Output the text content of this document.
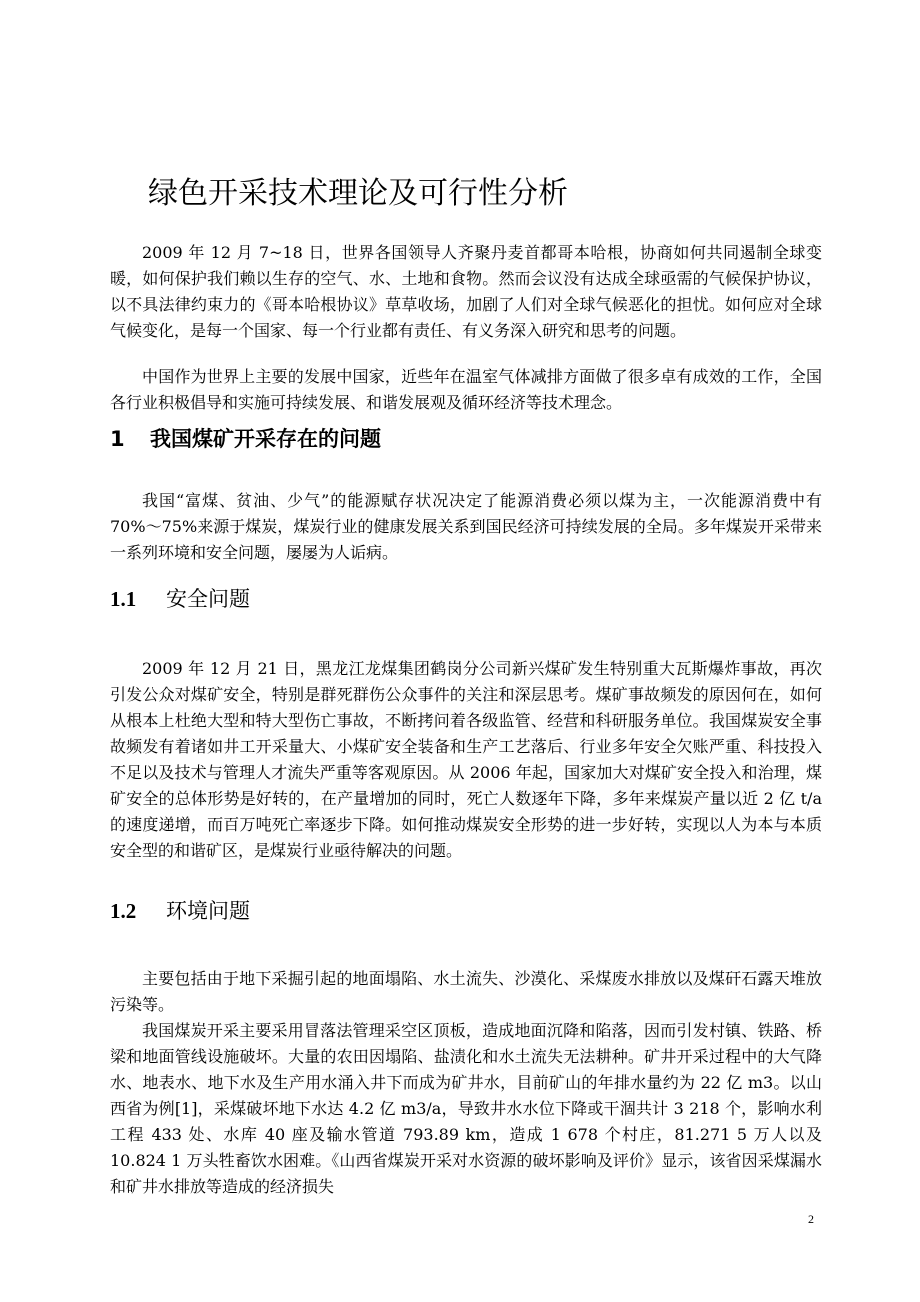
绿色开采技术理论及可行性分析

2009 年 12 月 7~18 日，世界各国领导人齐聚丹麦首都哥本哈根，协商如何共同遏制全球变暖，如何保护我们赖以生存的空气、水、土地和食物。然而会议没有达成全球亟需的气候保护协议，以不具法律约束力的《哥本哈根协议》草草收场，加剧了人们对全球气候恶化的担忧。如何应对全球气候变化，是每一个国家、每一个行业都有责任、有义务深入研究和思考的问题。

中国作为世界上主要的发展中国家，近些年在温室气体减排方面做了很多卓有成效的工作，全国各行业积极倡导和实施可持续发展、和谐发展观及循环经济等技术理念。

1 我国煤矿开采存在的问题

我国“富煤、贫油、少气”的能源赋存状况决定了能源消费必须以煤为主，一次能源消费中有 70%～75%来源于煤炭，煤炭行业的健康发展关系到国民经济可持续发展的全局。多年煤炭开采带来一系列环境和安全问题，屡屡为人诟病。

1.1 安全问题

2009 年 12 月 21 日，黑龙江龙煤集团鹤岗分公司新兴煤矿发生特别重大瓦斯爆炸事故，再次引发公众对煤矿安全，特别是群死群伤公众事件的关注和深层思考。煤矿事故频发的原因何在，如何从根本上杜绝大型和特大型伤亡事故，不断拷问着各级监管、经营和科研服务单位。我国煤炭安全事故频发有着诸如井工开采量大、小煤矿安全装备和生产工艺落后、行业多年安全欠账严重、科技投入不足以及技术与管理人才流失严重等客观原因。从 2006 年起，国家加大对煤矿安全投入和治理，煤矿安全的总体形势是好转的，在产量增加的同时，死亡人数逐年下降，多年来煤炭产量以近 2 亿 t/a 的速度递增，而百万吨死亡率逐步下降。如何推动煤炭安全形势的进一步好转，实现以人为本与本质安全型的和谐矿区，是煤炭行业亟待解决的问题。

1.2 环境问题

主要包括由于地下采掘引起的地面塌陷、水土流失、沙漠化、采煤废水排放以及煤矸石露天堆放污染等。

我国煤炭开采主要采用冒落法管理采空区顶板，造成地面沉降和陷落，因而引发村镇、铁路、桥梁和地面管线设施破坏。大量的农田因塌陷、盐渍化和水土流失无法耕种。矿井开采过程中的大气降水、地表水、地下水及生产用水涌入井下而成为矿井水，目前矿山的年排水量约为 22 亿 m3。以山西省为例[1]，采煤破坏地下水达 4.2 亿 m3/a，导致井水水位下降或干涸共计 3 218 个，影响水利工程 433 处、水库 40 座及输水管道 793.89 km，造成 1 678 个村庄，81.271 5 万人以及 10.824 1 万头牲畜饮水困难。《山西省煤炭开采对水资源的破坏影响及评价》显示，该省因采煤漏水和矿井水排放等造成的经济损失

2
